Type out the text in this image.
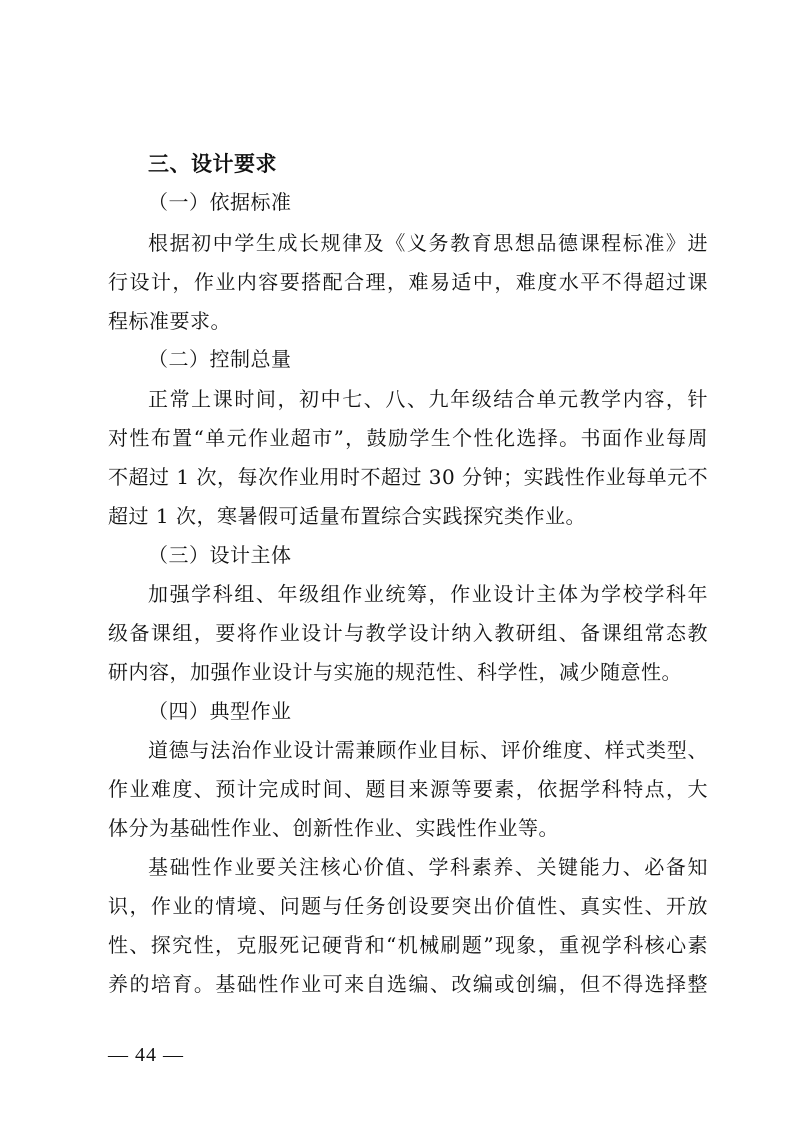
三、设计要求
（一）依据标准
根据初中学生成长规律及《义务教育思想品德课程标准》进
行设计，作业内容要搭配合理，难易适中，难度水平不得超过课
程标准要求。
（二）控制总量
正常上课时间，初中七、八、九年级结合单元教学内容，针
对性布置“单元作业超市”，鼓励学生个性化选择。书面作业每周
不超过 1 次，每次作业用时不超过 30 分钟；实践性作业每单元不
超过 1 次，寒暑假可适量布置综合实践探究类作业。
（三）设计主体
加强学科组、年级组作业统筹，作业设计主体为学校学科年
级备课组，要将作业设计与教学设计纳入教研组、备课组常态教
研内容，加强作业设计与实施的规范性、科学性，减少随意性。
（四）典型作业
道德与法治作业设计需兼顾作业目标、评价维度、样式类型、
作业难度、预计完成时间、题目来源等要素，依据学科特点，大
体分为基础性作业、创新性作业、实践性作业等。
基础性作业要关注核心价值、学科素养、关键能力、必备知
识，作业的情境、问题与任务创设要突出价值性、真实性、开放
性、探究性，克服死记硬背和“机械刷题”现象，重视学科核心素
养的培育。基础性作业可来自选编、改编或创编，但不得选择整
— 44 —
